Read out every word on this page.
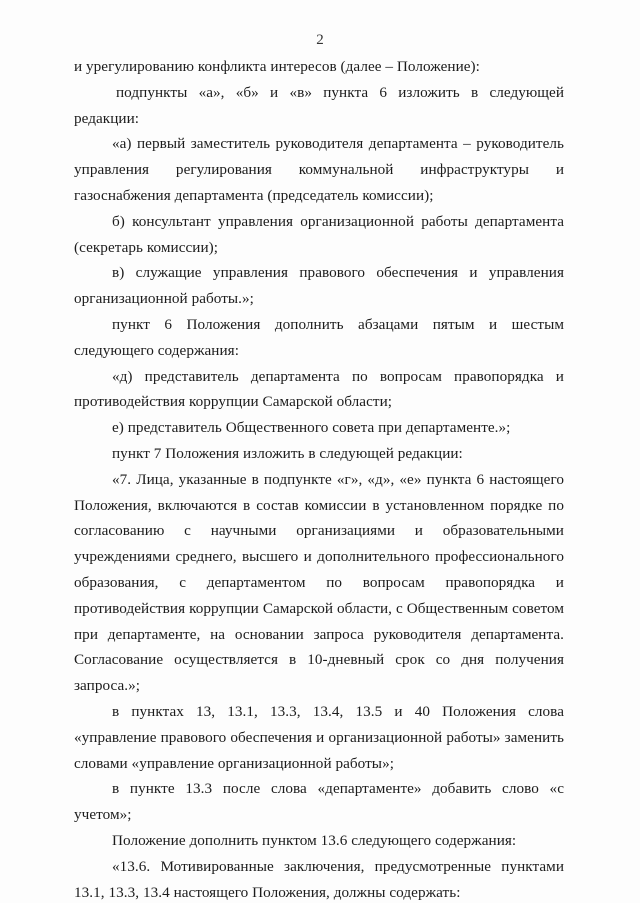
2

и урегулированию конфликта интересов (далее – Положение):

подпункты «а», «б» и «в» пункта 6 изложить в следующей редакции:

«а) первый заместитель руководителя департамента – руководитель управления регулирования коммунальной инфраструктуры и газоснабжения департамента (председатель комиссии);

б) консультант управления организационной работы департамента (секретарь комиссии);

в) служащие управления правового обеспечения и управления организационной работы.»;

пункт 6 Положения дополнить абзацами пятым и шестым следующего содержания:

«д) представитель департамента по вопросам правопорядка и противодействия коррупции Самарской области;

е) представитель Общественного совета при департаменте.»;

пункт 7 Положения изложить в следующей редакции:

«7. Лица, указанные в подпункте «г», «д», «е» пункта 6 настоящего Положения, включаются в состав комиссии в установленном порядке по согласованию с научными организациями и образовательными учреждениями среднего, высшего и дополнительного профессионального образования, с департаментом по вопросам правопорядка и противодействия коррупции Самарской области, с Общественным советом при департаменте, на основании запроса руководителя департамента. Согласование осуществляется в 10-дневный срок со дня получения запроса.»;

в пунктах 13, 13.1, 13.3, 13.4, 13.5 и 40 Положения слова «управление правового обеспечения и организационной работы» заменить словами «управление организационной работы»;

в пункте 13.3 после слова «департаменте» добавить слово «с учетом»;

Положение дополнить пунктом 13.6 следующего содержания:

«13.6. Мотивированные заключения, предусмотренные пунктами 13.1, 13.3, 13.4 настоящего Положения, должны содержать:
